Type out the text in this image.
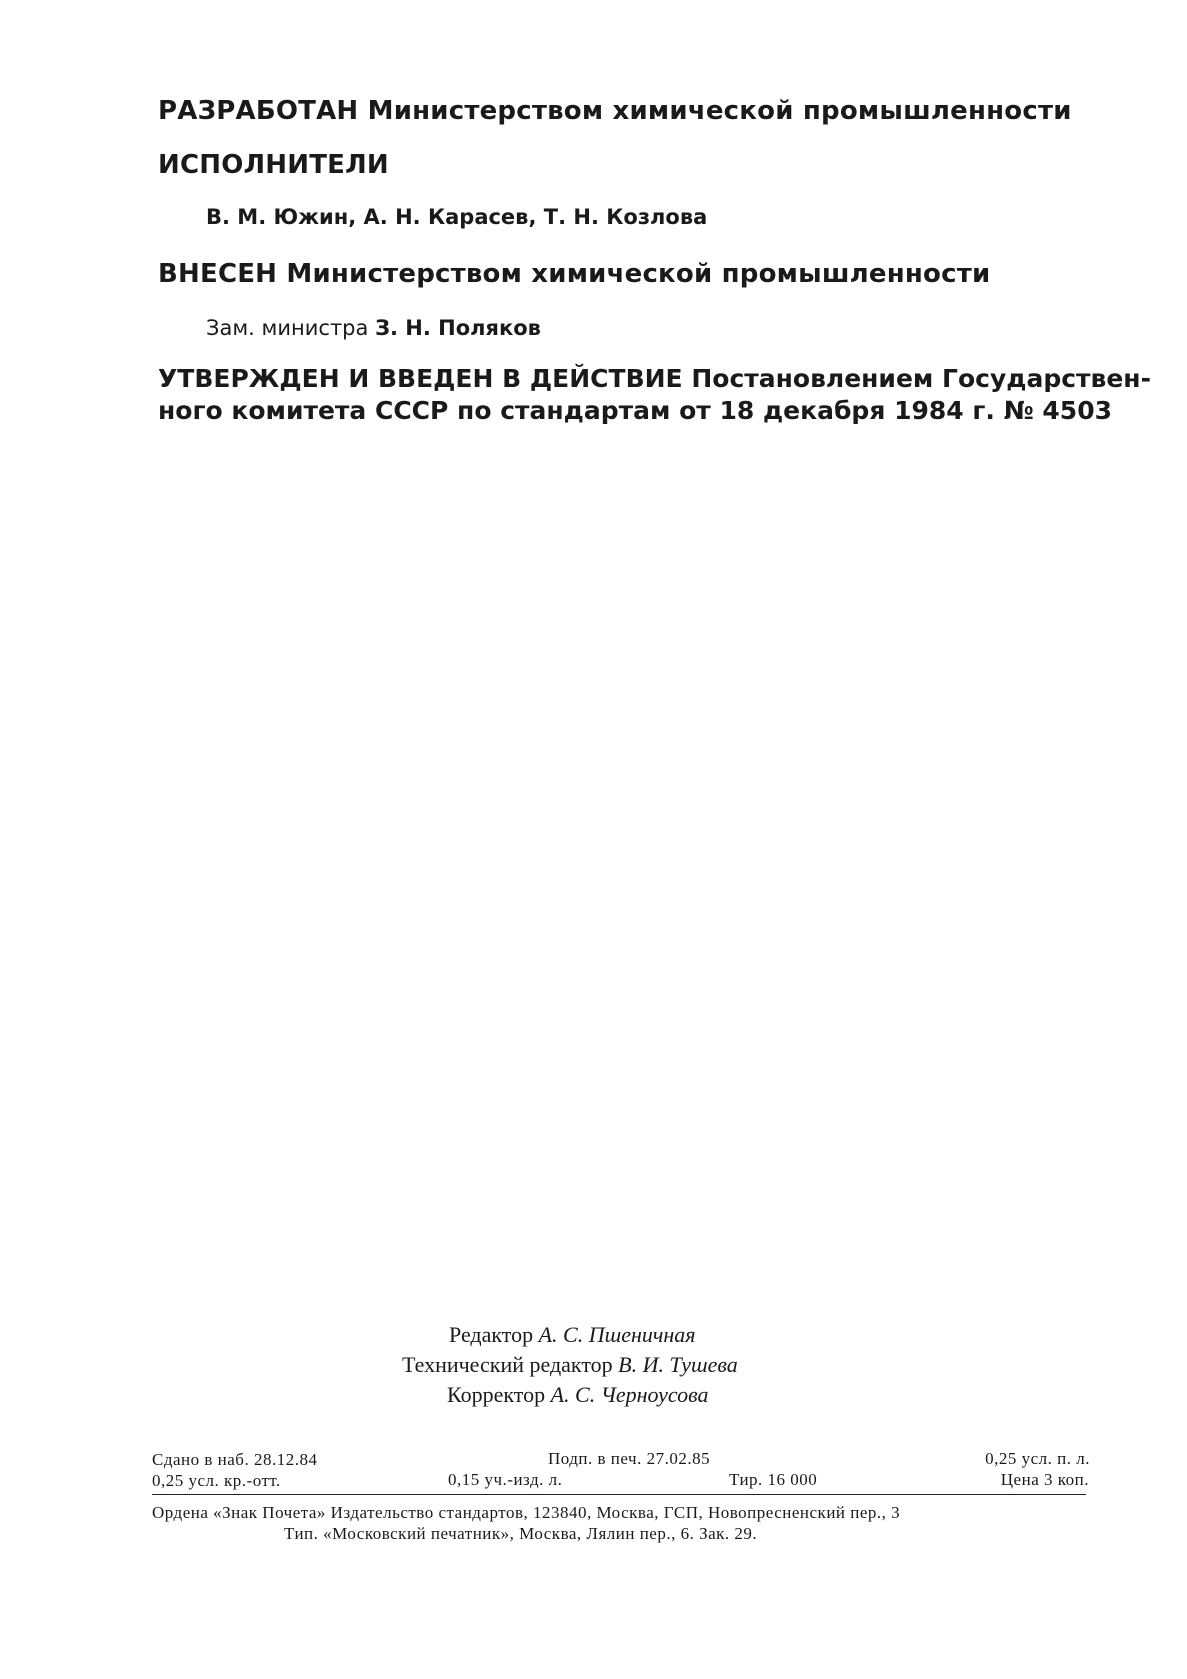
РАЗРАБОТАН Министерством химической промышленности
ИСПОЛНИТЕЛИ
В. М. Южин, А. Н. Карасев, Т. Н. Козлова
ВНЕСЕН Министерством химической промышленности
Зам. министра З. Н. Поляков
УТВЕРЖДЕН И ВВЕДЕН В ДЕЙСТВИЕ Постановлением Государствен-
ного комитета СССР по стандартам от 18 декабря 1984 г. № 4503
Редактор А. С. Пшеничная
Технический редактор В. И. Тушева
Корректор А. С. Черноусова
Сдано в наб. 28.12.84	Подп. в печ. 27.02.85	0,25 усл. п. л.
0,25 усл. кр.-отт.	0,15 уч.-изд. л.	Тир. 16 000	Цена 3 коп.
Ордена «Знак Почета» Издательство стандартов, 123840, Москва, ГСП, Новопресненский пер., 3
Тип. «Московский печатник», Москва, Лялин пер., 6. Зак. 29.
